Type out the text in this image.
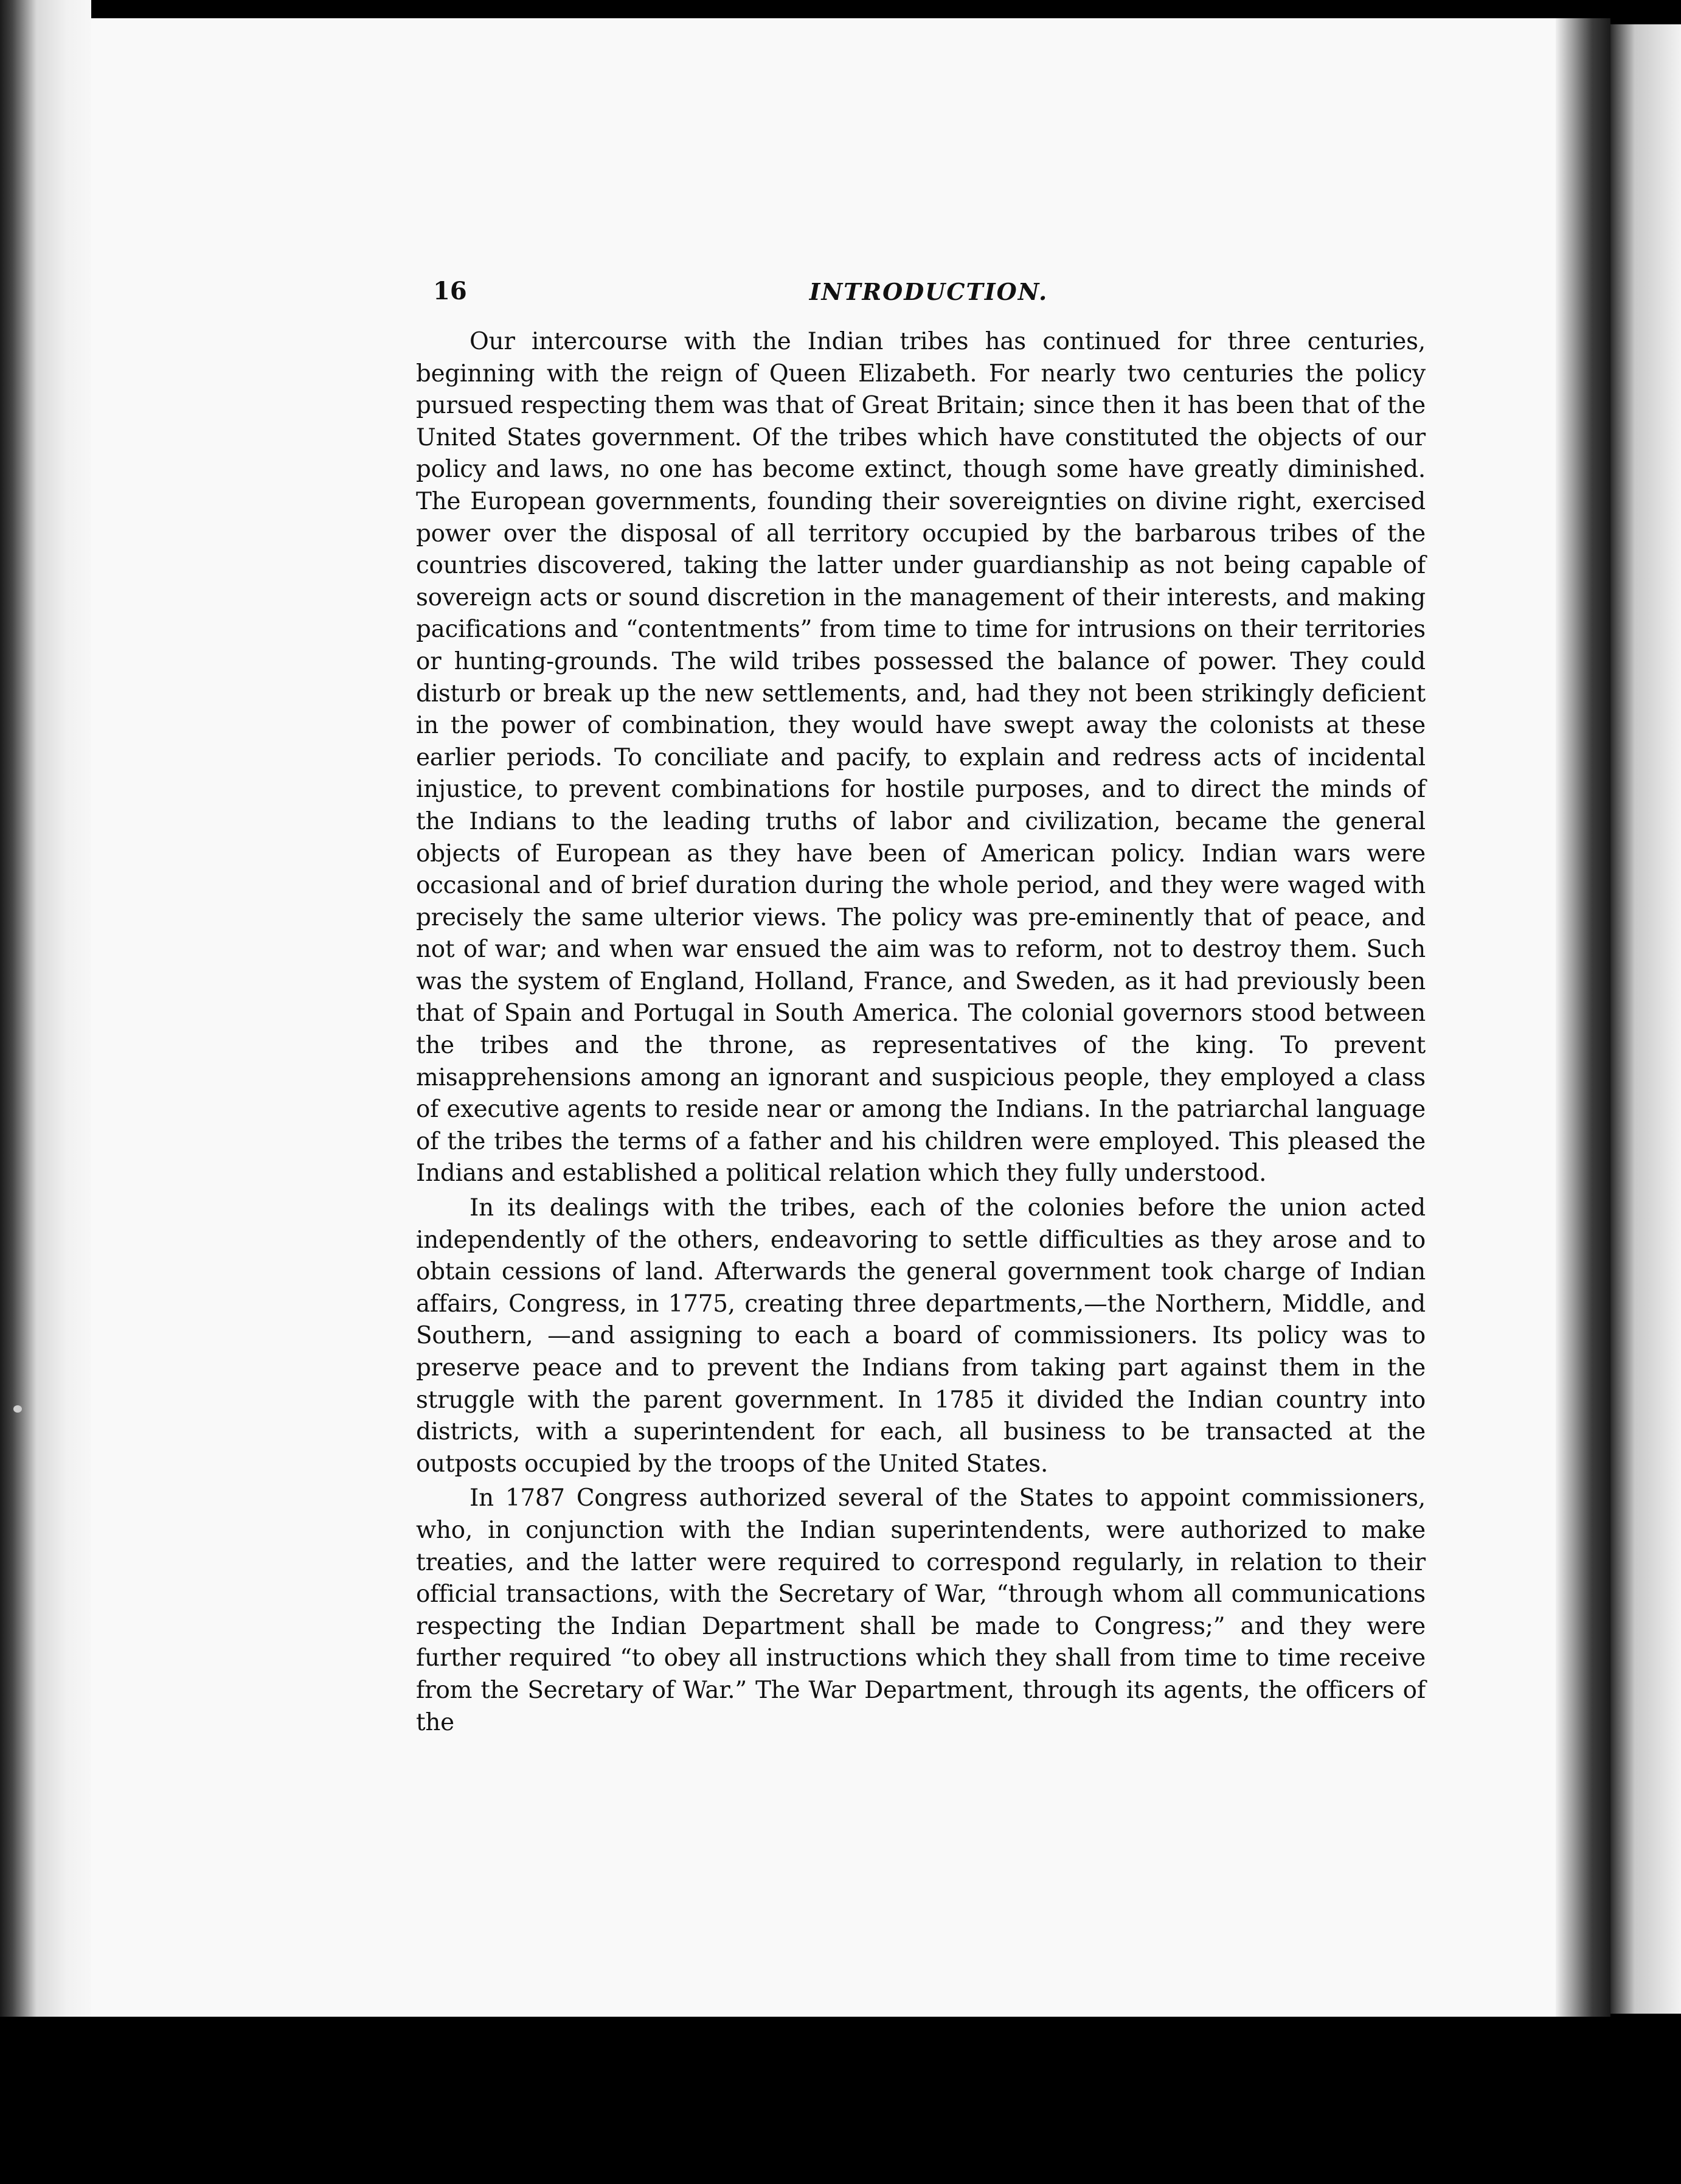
16	INTRODUCTION.

Our intercourse with the Indian tribes has continued for three centuries, beginning with the reign of Queen Elizabeth. For nearly two centuries the policy pursued respecting them was that of Great Britain; since then it has been that of the United States government. Of the tribes which have constituted the objects of our policy and laws, no one has become extinct, though some have greatly diminished. The European governments, founding their sovereignties on divine right, exercised power over the disposal of all territory occupied by the barbarous tribes of the countries discovered, taking the latter under guardianship as not being capable of sovereign acts or sound discretion in the management of their interests, and making pacifications and “contentments” from time to time for intrusions on their territories or hunting-grounds. The wild tribes possessed the balance of power. They could disturb or break up the new settlements, and, had they not been strikingly deficient in the power of combination, they would have swept away the colonists at these earlier periods. To conciliate and pacify, to explain and redress acts of incidental injustice, to prevent combinations for hostile purposes, and to direct the minds of the Indians to the leading truths of labor and civilization, became the general objects of European as they have been of American policy. Indian wars were occasional and of brief duration during the whole period, and they were waged with precisely the same ulterior views. The policy was pre-eminently that of peace, and not of war; and when war ensued the aim was to reform, not to destroy them. Such was the system of England, Holland, France, and Sweden, as it had previously been that of Spain and Portugal in South America. The colonial governors stood between the tribes and the throne, as representatives of the king. To prevent misapprehensions among an ignorant and suspicious people, they employed a class of executive agents to reside near or among the Indians. In the patriarchal language of the tribes the terms of a father and his children were employed. This pleased the Indians and established a political relation which they fully understood.

In its dealings with the tribes, each of the colonies before the union acted independently of the others, endeavoring to settle difficulties as they arose and to obtain cessions of land. Afterwards the general government took charge of Indian affairs, Congress, in 1775, creating three departments,—the Northern, Middle, and Southern, —and assigning to each a board of commissioners. Its policy was to preserve peace and to prevent the Indians from taking part against them in the struggle with the parent government. In 1785 it divided the Indian country into districts, with a superintendent for each, all business to be transacted at the outposts occupied by the troops of the United States.

In 1787 Congress authorized several of the States to appoint commissioners, who, in conjunction with the Indian superintendents, were authorized to make treaties, and the latter were required to correspond regularly, in relation to their official transactions, with the Secretary of War, “through whom all communications respecting the Indian Department shall be made to Congress;” and they were further required “to obey all instructions which they shall from time to time receive from the Secretary of War.” The War Department, through its agents, the officers of the
